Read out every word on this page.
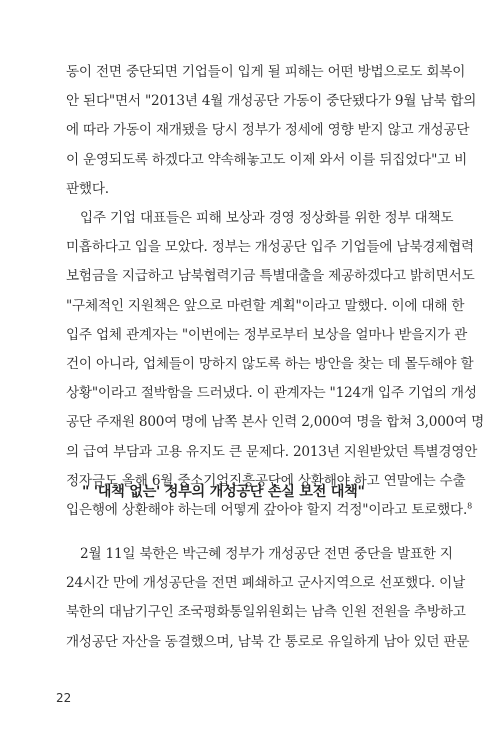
동이 전면 중단되면 기업들이 입게 될 피해는 어떤 방법으로도 회복이
안 된다"면서 "2013년 4월 개성공단 가동이 중단됐다가 9월 남북 합의
에 따라 가동이 재개됐을 당시 정부가 정세에 영향 받지 않고 개성공단
이 운영되도록 하겠다고 약속해놓고도 이제 와서 이를 뒤집었다"고 비
판했다.
입주 기업 대표들은 피해 보상과 경영 정상화를 위한 정부 대책도
미흡하다고 입을 모았다. 정부는 개성공단 입주 기업들에 남북경제협력
보험금을 지급하고 남북협력기금 특별대출을 제공하겠다고 밝히면서도
"구체적인 지원책은 앞으로 마련할 계획"이라고 말했다. 이에 대해 한
입주 업체 관계자는 "이번에는 정부로부터 보상을 얼마나 받을지가 관
건이 아니라, 업체들이 망하지 않도록 하는 방안을 찾는 데 몰두해야 할
상황"이라고 절박함을 드러냈다. 이 관계자는 "124개 입주 기업의 개성
공단 주재원 800여 명에 남쪽 본사 인력 2,000여 명을 합쳐 3,000여 명
의 급여 부담과 고용 유지도 큰 문제다. 2013년 지원받았던 특별경영안
정자금도 올해 6월 중소기업진흥공단에 상환해야 하고 연말에는 수출
입은행에 상환해야 하는데 어떻게 갚아야 할지 걱정"이라고 토로했다.$^8$
" '대책 없는' 정부의 개성공단 손실 보전 대책"
2월 11일 북한은 박근혜 정부가 개성공단 전면 중단을 발표한 지
24시간 만에 개성공단을 전면 폐쇄하고 군사지역으로 선포했다. 이날
북한의 대남기구인 조국평화통일위원회는 남측 인원 전원을 추방하고
개성공단 자산을 동결했으며, 남북 간 통로로 유일하게 남아 있던 판문
22
